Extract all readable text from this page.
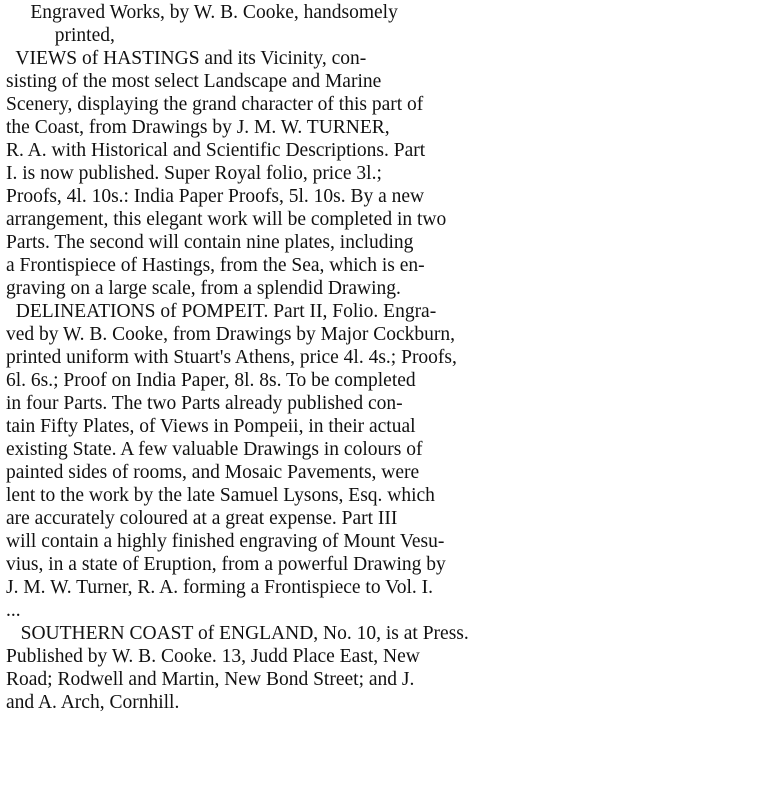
Engraved Works, by W. B. Cooke, handsomely
printed,
VIEWS of HASTINGS and its Vicinity, con-
sisting of the most select Landscape and Marine
Scenery, displaying the grand character of this part of
the Coast, from Drawings by J. M. W. TURNER,
R. A. with Historical and Scientific Descriptions. Part
I. is now published. Super Royal folio, price 3l.;
Proofs, 4l. 10s.: India Paper Proofs, 5l. 10s. By a new
arrangement, this elegant work will be completed in two
Parts. The second will contain nine plates, including
a Frontispiece of Hastings, from the Sea, which is en-
graving on a large scale, from a splendid Drawing.
DELINEATIONS of POMPEIT. Part II, Folio. Engra-
ved by W. B. Cooke, from Drawings by Major Cockburn,
printed uniform with Stuart's Athens, price 4l. 4s.; Proofs,
6l. 6s.; Proof on India Paper, 8l. 8s. To be completed
in four Parts. The two Parts already published con-
tain Fifty Plates, of Views in Pompeii, in their actual
existing State. A few valuable Drawings in colours of
painted sides of rooms, and Mosaic Pavements, were
lent to the work by the late Samuel Lysons, Esq. which
are accurately coloured at a great expense. Part III
will contain a highly finished engraving of Mount Vesu-
vius, in a state of Eruption, from a powerful Drawing by
J. M. W. Turner, R. A. forming a Frontispiece to Vol. I.
...
SOUTHERN COAST of ENGLAND, No. 10, is at Press.
Published by W. B. Cooke. 13, Judd Place East, New
Road; Rodwell and Martin, New Bond Street; and J.
and A. Arch, Cornhill.
